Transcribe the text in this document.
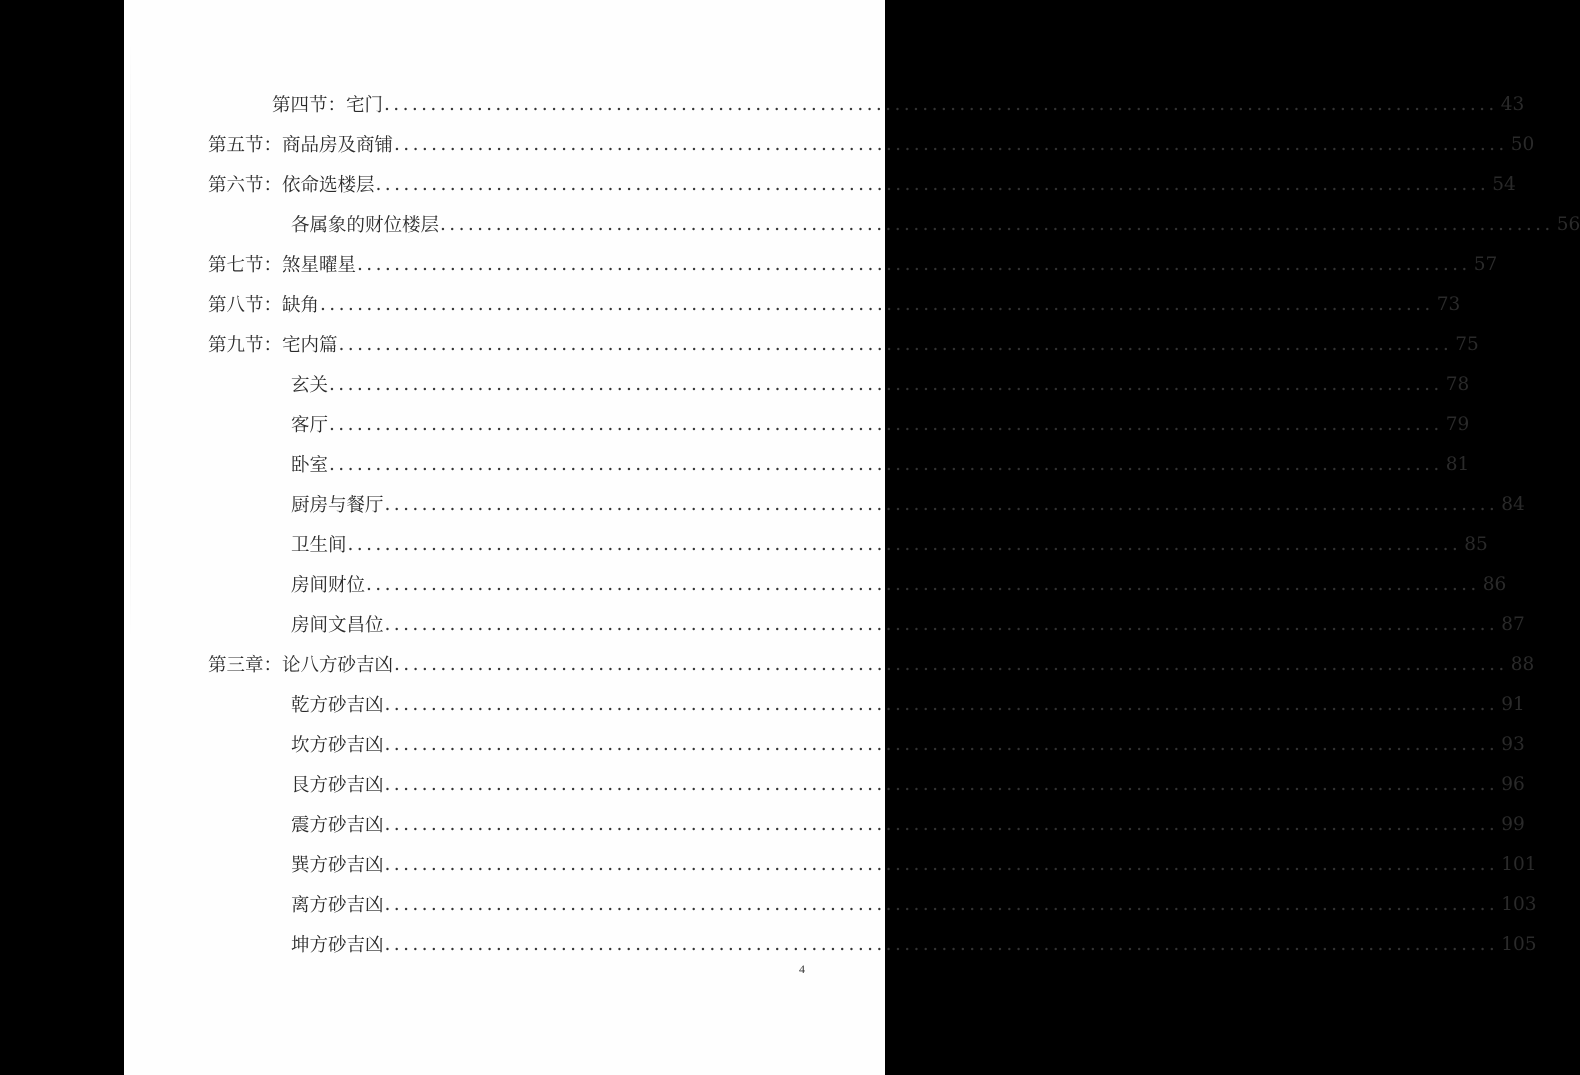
第四节：宅门 ........................................................................................................................ 43
第五节： 商品房及商铺 ........................................................................................................................ 50
第六节： 依命选楼层 ........................................................................................................................ 54
各属象的财位楼层 ........................................................................................................................ 56
第七节： 煞星曜星 ........................................................................................................................ 57
第八节： 缺角 ........................................................................................................................ 73
第九节： 宅内篇 ........................................................................................................................ 75
玄关 ........................................................................................................................ 78
客厅 ........................................................................................................................ 79
卧室 ........................................................................................................................ 81
厨房与餐厅 ........................................................................................................................ 84
卫生间 ........................................................................................................................ 85
房间财位 ........................................................................................................................ 86
房间文昌位 ........................................................................................................................ 87
第三章： 论八方砂吉凶 ........................................................................................................................ 88
乾方砂吉凶 ........................................................................................................................ 91
坎方砂吉凶 ........................................................................................................................ 93
艮方砂吉凶 ........................................................................................................................ 96
震方砂吉凶 ........................................................................................................................ 99
巽方砂吉凶 ........................................................................................................................ 101
离方砂吉凶 ........................................................................................................................ 103
坤方砂吉凶 ........................................................................................................................ 105
4
